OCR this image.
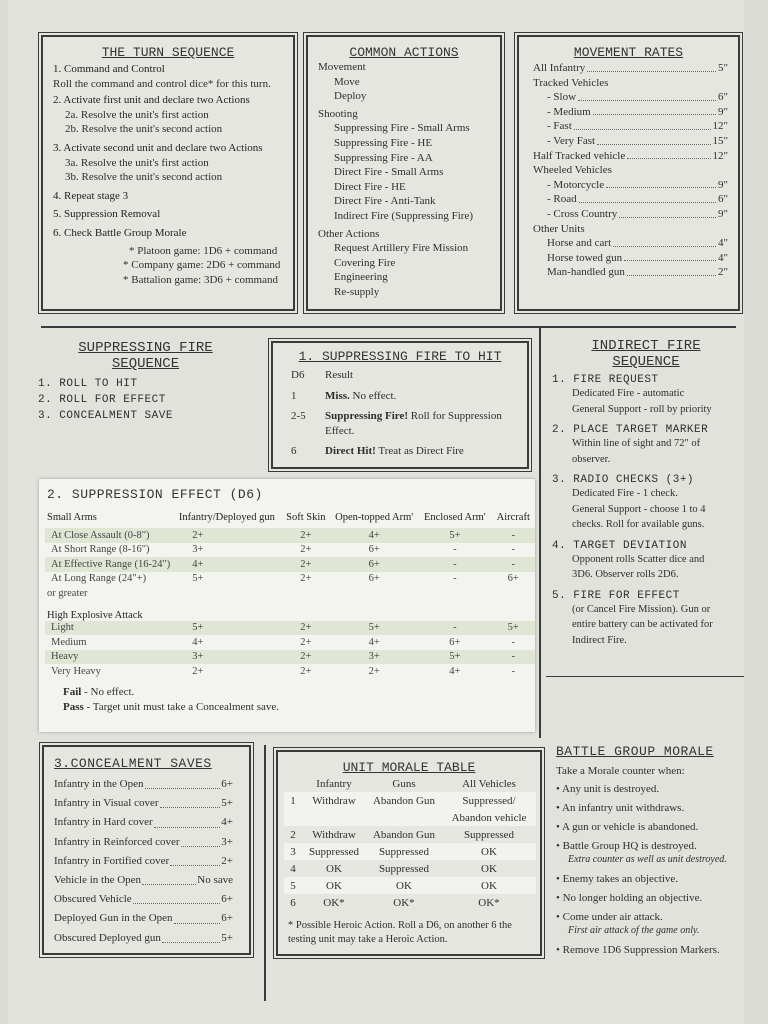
THE TURN SEQUENCE
1. Command and Control
Roll the command and control dice* for this turn.
2. Activate first unit and declare two Actions
2a. Resolve the unit's first action
2b. Resolve the unit's second action
3. Activate second unit and declare two Actions
3a. Resolve the unit's first action
3b. Resolve the unit's second action
4. Repeat stage 3
5. Suppression Removal
6. Check Battle Group Morale
* Platoon game: 1D6 + command
* Company game: 2D6 + command
* Battalion game: 3D6 + command
COMMON ACTIONS
Movement
Move
Deploy
Shooting
Suppressing Fire - Small Arms
Suppressing Fire - HE
Suppressing Fire - AA
Direct Fire - Small Arms
Direct Fire - HE
Direct Fire - Anti-Tank
Indirect Fire (Suppressing Fire)
Other Actions
Request Artillery Fire Mission
Covering Fire
Engineering
Re-supply
MOVEMENT RATES
All Infantry	5"
Tracked Vehicles
- Slow	6"
- Medium	9"
- Fast	12"
- Very Fast	15"
Half Tracked vehicle	12"
Wheeled Vehicles
- Motorcycle	9"
- Road	6"
- Cross Country	9"
Other Units
Horse and cart	4"
Horse towed gun	4"
Man-handled gun	2"
SUPPRESSING FIRE
SEQUENCE
1. ROLL TO HIT
2. ROLL FOR EFFECT
3. CONCEALMENT SAVE
1. SUPPRESSING FIRE TO HIT
D6	Result
1	Miss. No effect.
2-5	Suppressing Fire! Roll for Suppression Effect.
6	Direct Hit! Treat as Direct Fire
INDIRECT FIRE
SEQUENCE
1. FIRE REQUEST
Dedicated Fire - automatic
General Support - roll by priority
2. PLACE TARGET MARKER
Within line of sight and 72" of
observer.
3. RADIO CHECKS (3+)
Dedicated Fire - 1 check.
General Support - choose 1 to 4
checks. Roll for available guns.
4. TARGET DEVIATION
Opponent rolls Scatter dice and
3D6. Observer rolls 2D6.
5. FIRE FOR EFFECT
(or Cancel Fire Mission). Gun or
entire battery can be activated for
Indirect Fire.
2. SUPPRESSION EFFECT (D6)
Small Arms	Infantry/Deployed gun	Soft Skin	Open-topped Arm'	Enclosed Arm'	Aircraft
At Close Assault (0-8")	2+	2+	4+	5+	-
At Short Range (8-16")	3+	2+	6+	-	-
At Effective Range (16-24")	4+	2+	6+	-	-
At Long Range (24"+)	5+	2+	6+	-	6+
or greater					
High Explosive Attack					
Light	5+	2+	5+	-	5+
Medium	4+	2+	4+	6+	-
Heavy	3+	2+	3+	5+	-
Very Heavy	2+	2+	2+	4+	-
Fail - No effect.
Pass - Target unit must take a Concealment save.
3.CONCEALMENT SAVES
Infantry in the Open	6+
Infantry in Visual cover	5+
Infantry in Hard cover	4+
Infantry in Reinforced cover	3+
Infantry in Fortified cover	2+
Vehicle in the Open	No save
Obscured Vehicle	6+
Deployed Gun in the Open	6+
Obscured Deployed gun	5+
UNIT MORALE TABLE
	Infantry	Guns	All Vehicles
1	Withdraw	Abandon Gun	Suppressed/
			Abandon vehicle
2	Withdraw	Abandon Gun	Suppressed
3	Suppressed	Suppressed	OK
4	OK	Suppressed	OK
5	OK	OK	OK
6	OK*	OK*	OK*
* Possible Heroic Action. Roll a D6, on another 6 the testing unit may take a Heroic Action.
BATTLE GROUP MORALE
Take a Morale counter when:
• Any unit is destroyed.
• An infantry unit withdraws.
• A gun or vehicle is abandoned.
• Battle Group HQ is destroyed.
Extra counter as well as unit destroyed.
• Enemy takes an objective.
• No longer holding an objective.
• Come under air attack.
First air attack of the game only.
• Remove 1D6 Suppression Markers.
